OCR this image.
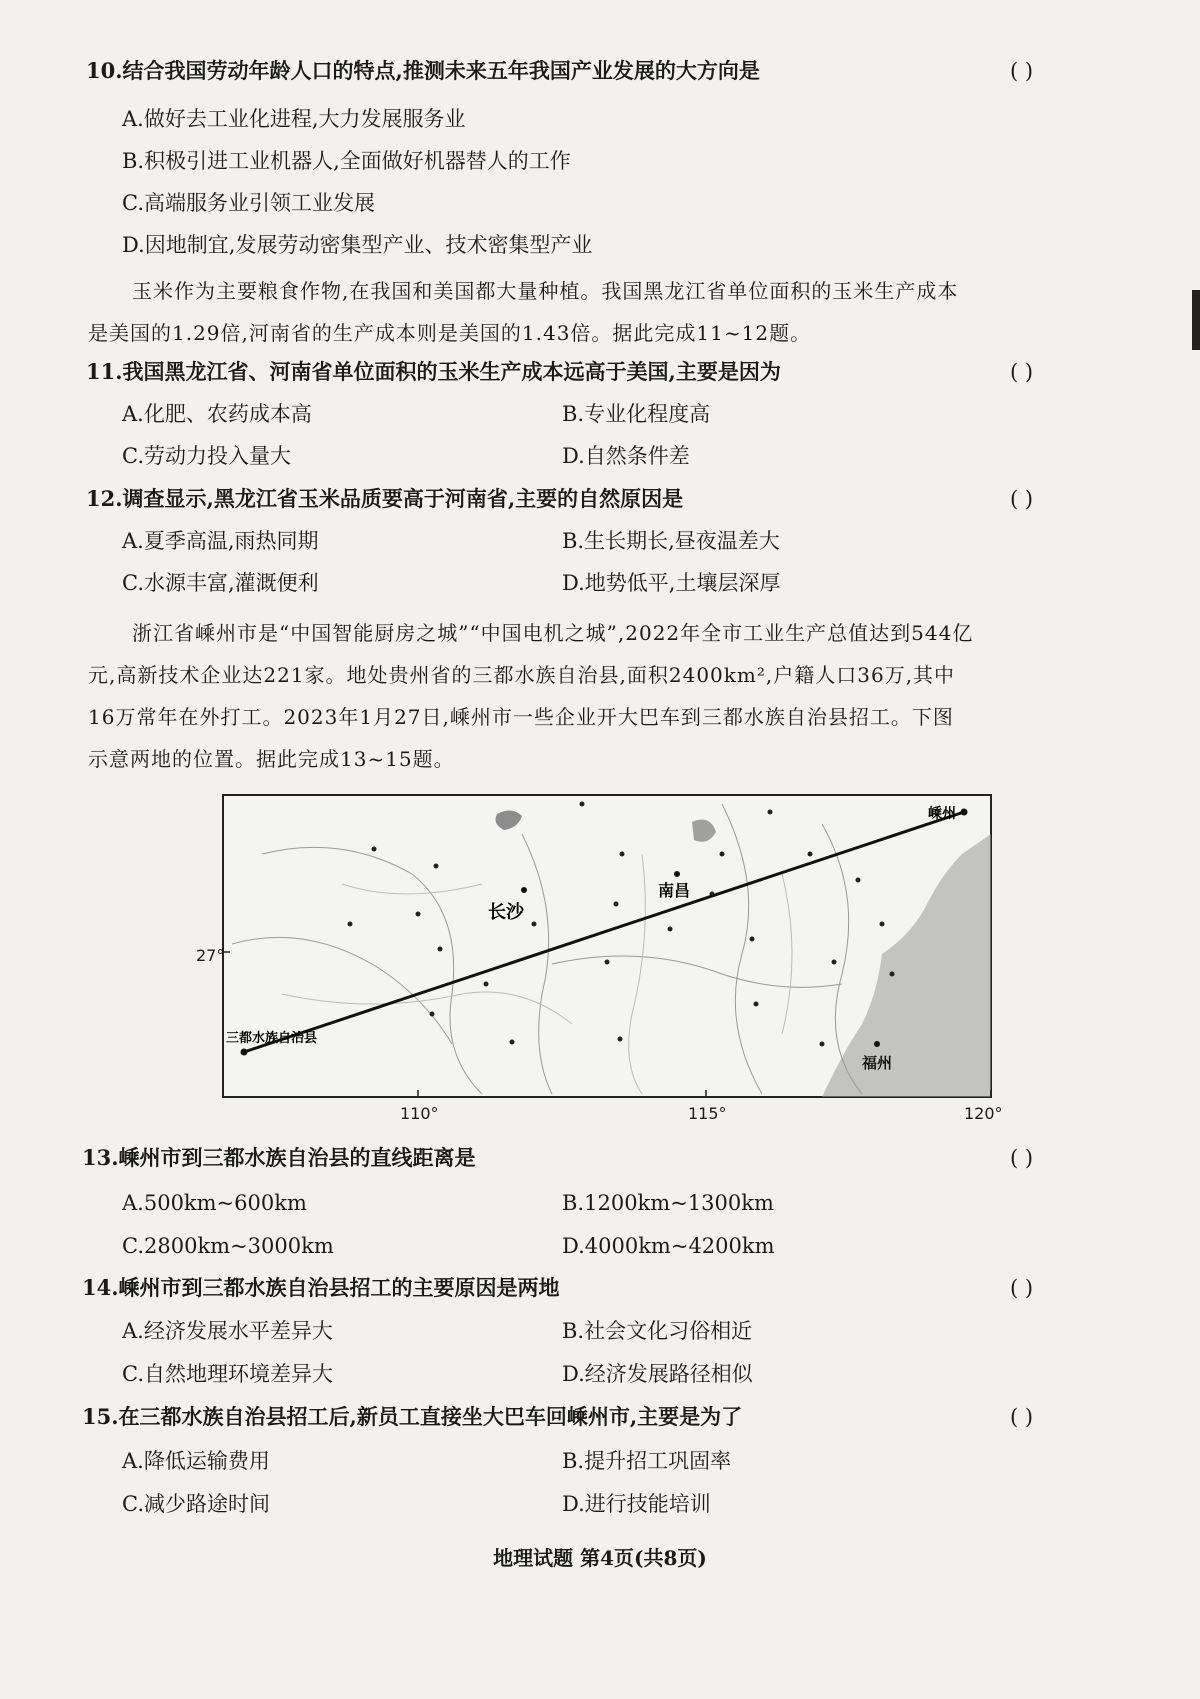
10.结合我国劳动年龄人口的特点,推测未来五年我国产业发展的大方向是	( )
A.做好去工业化进程,大力发展服务业
B.积极引进工业机器人,全面做好机器替人的工作
C.高端服务业引领工业发展
D.因地制宜,发展劳动密集型产业、技术密集型产业
玉米作为主要粮食作物,在我国和美国都大量种植。我国黑龙江省单位面积的玉米生产成本
是美国的1.29倍,河南省的生产成本则是美国的1.43倍。据此完成11~12题。
11.我国黑龙江省、河南省单位面积的玉米生产成本远高于美国,主要是因为	( )
A.化肥、农药成本高	B.专业化程度高
C.劳动力投入量大	D.自然条件差
12.调查显示,黑龙江省玉米品质要高于河南省,主要的自然原因是	( )
A.夏季高温,雨热同期	B.生长期长,昼夜温差大
C.水源丰富,灌溉便利	D.地势低平,土壤层深厚
浙江省嵊州市是“中国智能厨房之城”“中国电机之城”,2022年全市工业生产总值达到544亿
元,高新技术企业达221家。地处贵州省的三都水族自治县,面积2400km²,户籍人口36万,其中
16万常年在外打工。2023年1月27日,嵊州市一些企业开大巴车到三都水族自治县招工。下图
示意两地的位置。据此完成13~15题。
嵊州
南昌
长沙
三都水族自治县
福州
27°
110°	115°	120°
13.嵊州市到三都水族自治县的直线距离是	( )
A.500km~600km	B.1200km~1300km
C.2800km~3000km	D.4000km~4200km
14.嵊州市到三都水族自治县招工的主要原因是两地	( )
A.经济发展水平差异大	B.社会文化习俗相近
C.自然地理环境差异大	D.经济发展路径相似
15.在三都水族自治县招工后,新员工直接坐大巴车回嵊州市,主要是为了	( )
A.降低运输费用	B.提升招工巩固率
C.减少路途时间	D.进行技能培训
地理试题 第4页(共8页)
